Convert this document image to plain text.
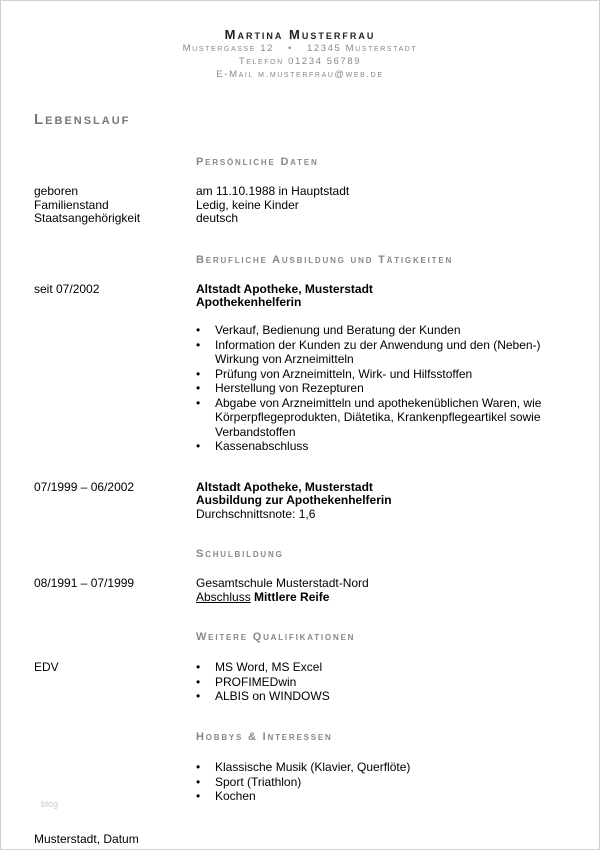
Martina Musterfrau
Mustergasse 12 • 12345 Musterstadt
Telefon 01234 56789
E-Mail m.musterfrau@web.de
Lebenslauf
Persönliche Daten
geboren	am 11.10.1988 in Hauptstadt
Familienstand	Ledig, keine Kinder
Staatsangehörigkeit	deutsch
Berufliche Ausbildung und Tätigkeiten
seit 07/2002	Altstadt Apotheke, Musterstadt
Apothekenhelferin
• Verkauf, Bedienung und Beratung der Kunden
• Information der Kunden zu der Anwendung und den (Neben-) Wirkung von Arzneimitteln
• Prüfung von Arzneimitteln, Wirk- und Hilfsstoffen
• Herstellung von Rezepturen
• Abgabe von Arzneimitteln und apothekenüblichen Waren, wie Körperpflegeprodukten, Diätetika, Krankenpflegeartikel sowie Verbandstoffen
• Kassenabschluss
07/1999 – 06/2002	Altstadt Apotheke, Musterstadt
Ausbildung zur Apothekenhelferin
Durchschnittsnote: 1,6
Schulbildung
08/1991 – 07/1999	Gesamtschule Musterstadt-Nord
Abschluss Mittlere Reife
Weitere Qualifikationen
EDV
•	MS Word, MS Excel
• PROFIMEDwin
• ALBIS on WINDOWS
Hobbys & Interessen
• Klassische Musik (Klavier, Querflöte)
• Sport (Triathlon)
• Kochen
blog
Musterstadt, Datum
